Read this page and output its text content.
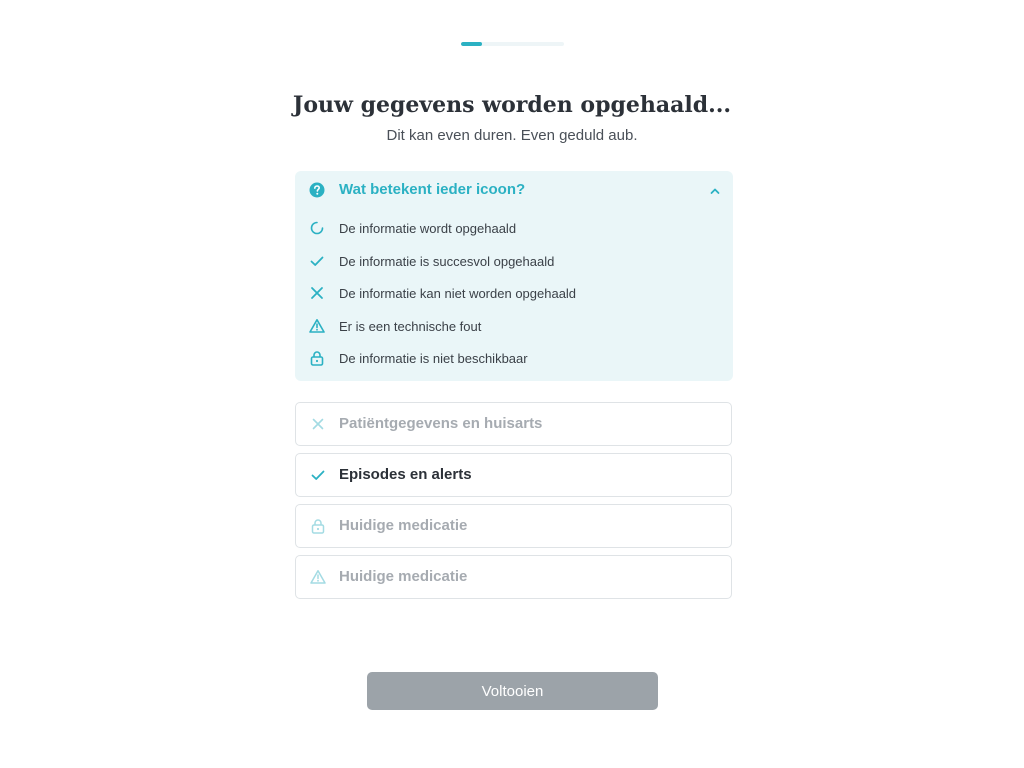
Jouw gegevens worden opgehaald...

Dit kan even duren. Even geduld aub.

Wat betekent ieder icoon?
De informatie wordt opgehaald
De informatie is succesvol opgehaald
De informatie kan niet worden opgehaald
Er is een technische fout
De informatie is niet beschikbaar
Patiëntgegevens en huisarts
Episodes en alerts
Huidige medicatie
Huidige medicatie
Voltooien
